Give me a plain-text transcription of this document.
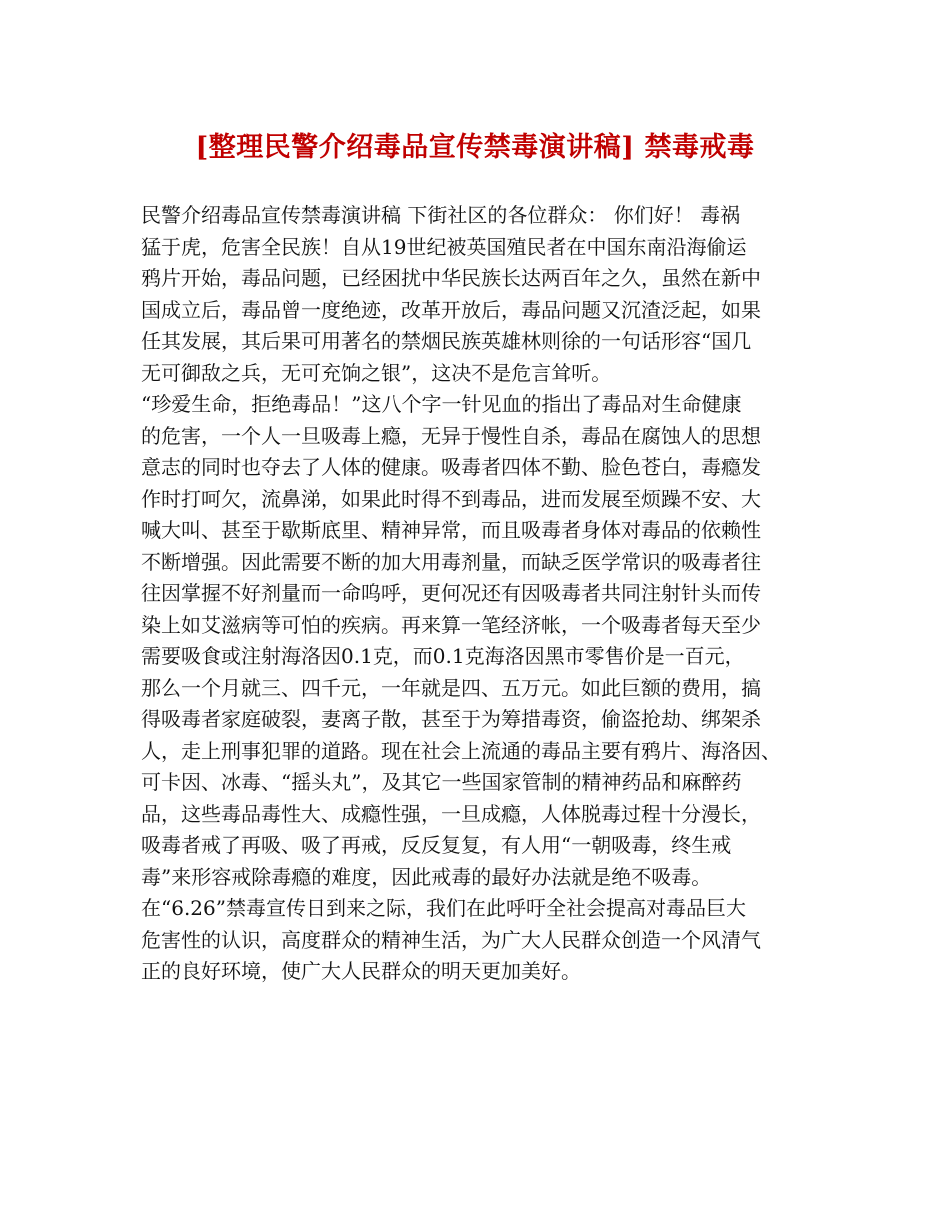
[整理民警介绍毒品宣传禁毒演讲稿] 禁毒戒毒
民警介绍毒品宣传禁毒演讲稿 下街社区的各位群众： 你们好！ 毒祸
猛于虎，危害全民族！自从19世纪被英国殖民者在中国东南沿海偷运
鸦片开始，毒品问题，已经困扰中华民族长达两百年之久，虽然在新中
国成立后，毒品曾一度绝迹，改革开放后，毒品问题又沉渣泛起，如果
任其发展，其后果可用著名的禁烟民族英雄林则徐的一句话形容“国几
无可御敌之兵，无可充饷之银”，这决不是危言耸听。
“珍爱生命，拒绝毒品！”这八个字一针见血的指出了毒品对生命健康
的危害，一个人一旦吸毒上瘾，无异于慢性自杀，毒品在腐蚀人的思想
意志的同时也夺去了人体的健康。吸毒者四体不勤、脸色苍白，毒瘾发
作时打呵欠，流鼻涕，如果此时得不到毒品，进而发展至烦躁不安、大
喊大叫、甚至于歇斯底里、精神异常，而且吸毒者身体对毒品的依赖性
不断增强。因此需要不断的加大用毒剂量，而缺乏医学常识的吸毒者往
往因掌握不好剂量而一命呜呼，更何况还有因吸毒者共同注射针头而传
染上如艾滋病等可怕的疾病。再来算一笔经济帐，一个吸毒者每天至少
需要吸食或注射海洛因0.1克，而0.1克海洛因黑市零售价是一百元，
那么一个月就三、四千元，一年就是四、五万元。如此巨额的费用，搞
得吸毒者家庭破裂，妻离子散，甚至于为筹措毒资，偷盗抢劫、绑架杀
人，走上刑事犯罪的道路。现在社会上流通的毒品主要有鸦片、海洛因、
可卡因、冰毒、“摇头丸”，及其它一些国家管制的精神药品和麻醉药
品，这些毒品毒性大、成瘾性强，一旦成瘾，人体脱毒过程十分漫长，
吸毒者戒了再吸、吸了再戒，反反复复，有人用“一朝吸毒，终生戒
毒”来形容戒除毒瘾的难度，因此戒毒的最好办法就是绝不吸毒。
在“6.26”禁毒宣传日到来之际，我们在此呼吁全社会提高对毒品巨大
危害性的认识，高度群众的精神生活，为广大人民群众创造一个风清气
正的良好环境，使广大人民群众的明天更加美好。
